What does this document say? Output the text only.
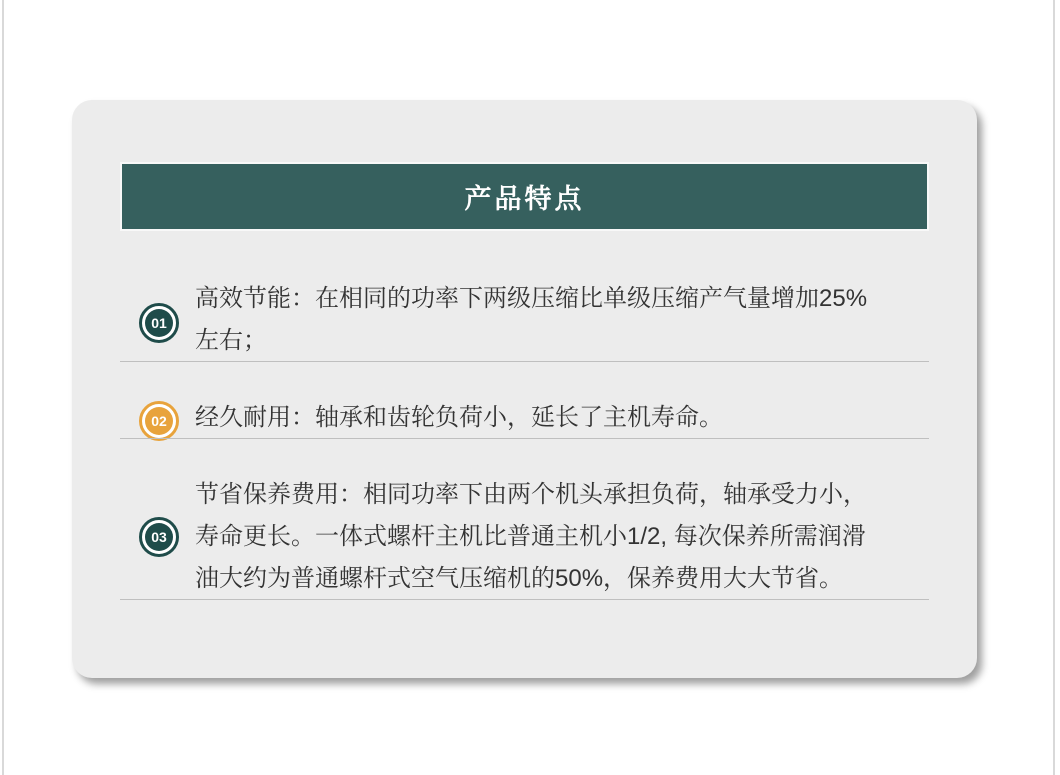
产品特点
01
高效节能：在相同的功率下两级压缩比单级压缩产气量增加25%
左右；
02 经久耐用：轴承和齿轮负荷小，延长了主机寿命。
03
节省保养费用：相同功率下由两个机头承担负荷，轴承受力小，
寿命更长。一体式螺杆主机比普通主机小1/2, 每次保养所需润滑
油大约为普通螺杆式空气压缩机的50%，保养费用大大节省。
